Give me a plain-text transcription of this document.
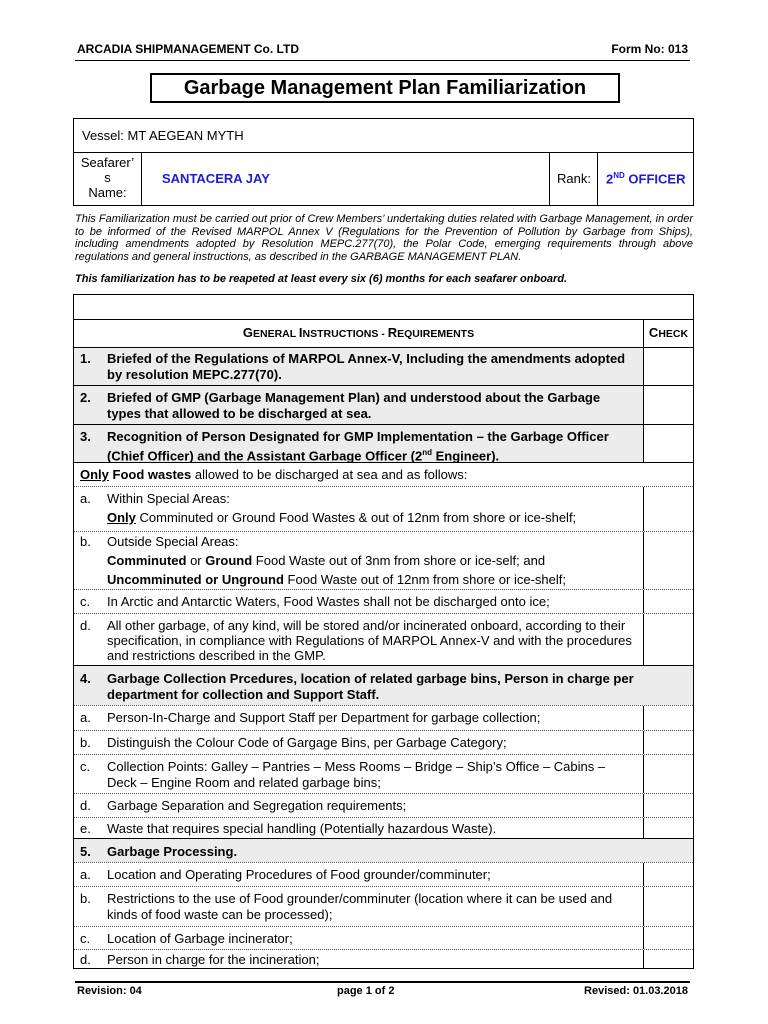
ARCADIA SHIPMANAGEMENT Co. LTD	Form No: 013
Garbage Management Plan Familiarization
Vessel: MT AEGEAN MYTH
Seafarer’
s
Name:
SANTACERA JAY	Rank: 2ND OFFICER
This Familiarization must be carried out prior of Crew Members’ undertaking duties related with Garbage Management, in order to be informed of the Revised MARPOL Annex V (Regulations for the Prevention of Pollution by Garbage from Ships), including amendments adopted by Resolution MEPC.277(70), the Polar Code, emerging requirements through above regulations and general instructions, as described in the GARBAGE MANAGEMENT PLAN.
This familiarization has to be reapeted at least every six (6) months for each seafarer onboard.
GENERAL INSTRUCTIONS - REQUIREMENTS	CHECK
1. Briefed of the Regulations of MARPOL Annex-V, Including the amendments adopted by resolution MEPC.277(70).
2. Briefed of GMP (Garbage Management Plan) and understood about the Garbage types that allowed to be discharged at sea.
3. Recognition of Person Designated for GMP Implementation – the Garbage Officer (Chief Officer) and the Assistant Garbage Officer (2nd Engineer).
Only Food wastes allowed to be discharged at sea and as follows:
a. Within Special Areas:
Only Comminuted or Ground Food Wastes & out of 12nm from shore or ice-shelf;
b. Outside Special Areas:
Comminuted or Ground Food Waste out of 3nm from shore or ice-self; and
Uncomminuted or Unground Food Waste out of 12nm from shore or ice-shelf;
c. In Arctic and Antarctic Waters, Food Wastes shall not be discharged onto ice;
d. All other garbage, of any kind, will be stored and/or incinerated onboard, according to their specification, in compliance with Regulations of MARPOL Annex-V and with the procedures and restrictions described in the GMP.
4. Garbage Collection Prcedures, location of related garbage bins, Person in charge per department for collection and Support Staff.
a. Person-In-Charge and Support Staff per Department for garbage collection;
b. Distinguish the Colour Code of Gargage Bins, per Garbage Category;
c. Collection Points: Galley – Pantries – Mess Rooms – Bridge – Ship’s Office – Cabins – Deck – Engine Room and related garbage bins;
d. Garbage Separation and Segregation requirements;
e. Waste that requires special handling (Potentially hazardous Waste).
5. Garbage Processing.
a. Location and Operating Procedures of Food grounder/comminuter;
b. Restrictions to the use of Food grounder/comminuter (location where it can be used and kinds of food waste can be processed);
c. Location of Garbage incinerator;
d. Person in charge for the incineration;
Revision: 04	page 1 of 2	Revised: 01.03.2018
